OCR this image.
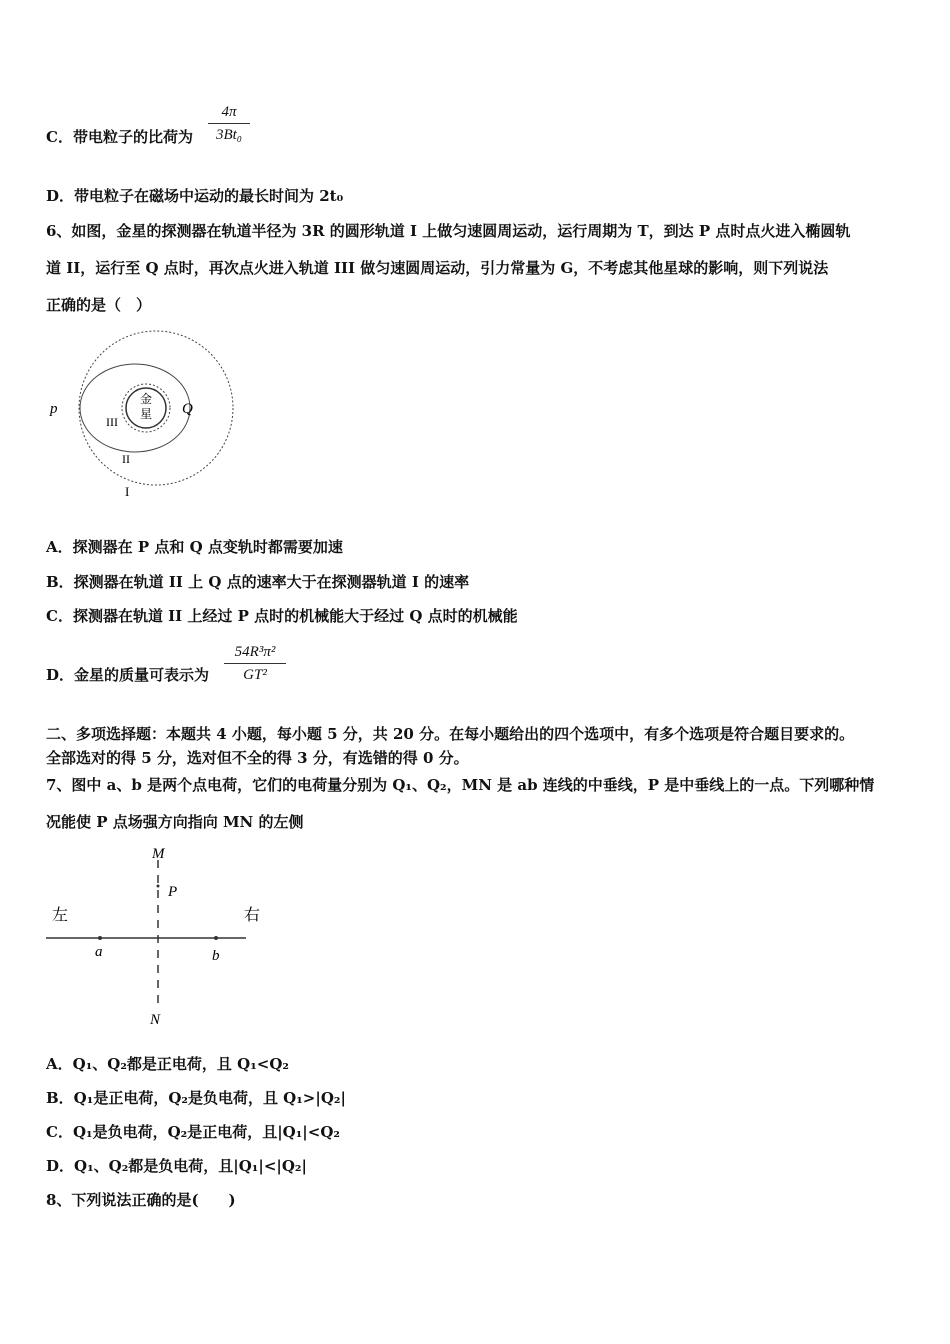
C．带电粒子的比荷为
4π
3Bt₀
D．带电粒子在磁场中运动的最长时间为 2t₀
6、如图，金星的探测器在轨道半径为 3R 的圆形轨道 I 上做匀速圆周运动，运行周期为 T，到达 P 点时点火进入椭圆轨
道 II，运行至 Q 点时，再次点火进入轨道 III 做匀速圆周运动，引力常量为 G，不考虑其他星球的影响，则下列说法
正确的是（　）
金
星
p	Q
III
II
I
A．探测器在 P 点和 Q 点变轨时都需要加速
B．探测器在轨道 II 上 Q 点的速率大于在探测器轨道 I 的速率
C．探测器在轨道 II 上经过 P 点时的机械能大于经过 Q 点时的机械能
D．金星的质量可表示为
54R³π²
GT²
二、多项选择题：本题共 4 小题，每小题 5 分，共 20 分。在每小题给出的四个选项中，有多个选项是符合题目要求的。
全部选对的得 5 分，选对但不全的得 3 分，有选错的得 0 分。
7、图中 a、b 是两个点电荷，它们的电荷量分别为 Q₁、Q₂，MN 是 ab 连线的中垂线，P 是中垂线上的一点。下列哪种情
况能使 P 点场强方向指向 MN 的左侧
M
P
左	右
a	b
N
A．Q₁、Q₂都是正电荷，且 Q₁<Q₂
B．Q₁是正电荷，Q₂是负电荷，且 Q₁>|Q₂|
C．Q₁是负电荷，Q₂是正电荷，且|Q₁|<Q₂
D．Q₁、Q₂都是负电荷，且|Q₁|<|Q₂|
8、下列说法正确的是(　　)
